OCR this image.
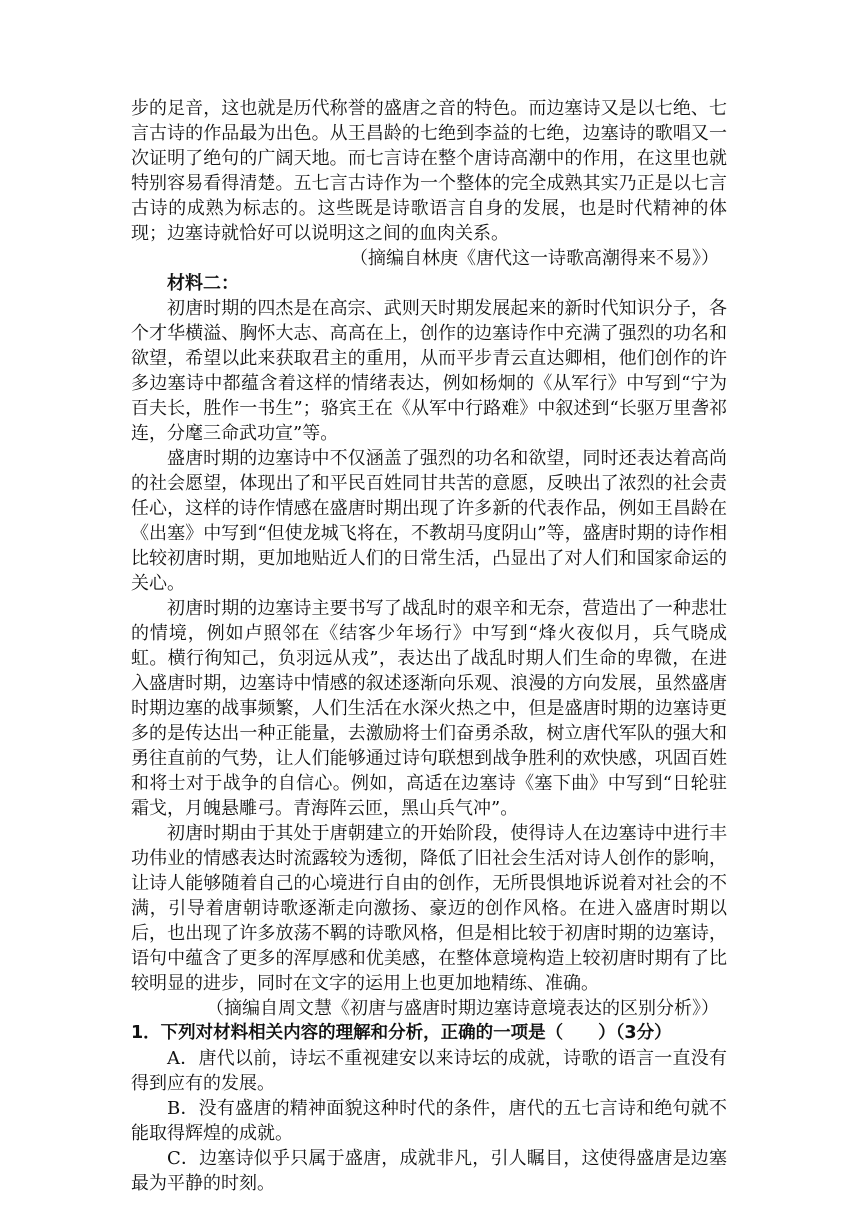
步的足音，这也就是历代称誉的盛唐之音的特色。而边塞诗又是以七绝、七言古诗的作品最为出色。从王昌龄的七绝到李益的七绝，边塞诗的歌唱又一次证明了绝句的广阔天地。而七言诗在整个唐诗高潮中的作用，在这里也就特别容易看得清楚。五七言古诗作为一个整体的完全成熟其实乃正是以七言古诗的成熟为标志的。这些既是诗歌语言自身的发展，也是时代精神的体现；边塞诗就恰好可以说明这之间的血肉关系。

（摘编自林庚《唐代这一诗歌高潮得来不易》）

材料二：

初唐时期的四杰是在高宗、武则天时期发展起来的新时代知识分子，各个才华横溢、胸怀大志、高高在上，创作的边塞诗作中充满了强烈的功名和欲望，希望以此来获取君主的重用，从而平步青云直达卿相，他们创作的许多边塞诗中都蕴含着这样的情绪表达，例如杨炯的《从军行》中写到“宁为百夫长，胜作一书生”；骆宾王在《从军中行路难》中叙述到“长驱万里詟祁连，分麾三命武功宣”等。

盛唐时期的边塞诗中不仅涵盖了强烈的功名和欲望，同时还表达着高尚的社会愿望，体现出了和平民百姓同甘共苦的意愿，反映出了浓烈的社会责任心，这样的诗作情感在盛唐时期出现了许多新的代表作品，例如王昌龄在《出塞》中写到“但使龙城飞将在，不教胡马度阴山”等，盛唐时期的诗作相比较初唐时期，更加地贴近人们的日常生活，凸显出了对人们和国家命运的关心。

初唐时期的边塞诗主要书写了战乱时的艰辛和无奈，营造出了一种悲壮的情境，例如卢照邻在《结客少年场行》中写到“烽火夜似月，兵气晓成虹。横行徇知己，负羽远从戎”，表达出了战乱时期人们生命的卑微，在进入盛唐时期，边塞诗中情感的叙述逐渐向乐观、浪漫的方向发展，虽然盛唐时期边塞的战事频繁，人们生活在水深火热之中，但是盛唐时期的边塞诗更多的是传达出一种正能量，去激励将士们奋勇杀敌，树立唐代军队的强大和勇往直前的气势，让人们能够通过诗句联想到战争胜利的欢快感，巩固百姓和将士对于战争的自信心。例如，高适在边塞诗《塞下曲》中写到“日轮驻霜戈，月魄悬雕弓。青海阵云匝，黑山兵气冲”。

初唐时期由于其处于唐朝建立的开始阶段，使得诗人在边塞诗中进行丰功伟业的情感表达时流露较为透彻，降低了旧社会生活对诗人创作的影响，让诗人能够随着自己的心境进行自由的创作，无所畏惧地诉说着对社会的不满，引导着唐朝诗歌逐渐走向激扬、豪迈的创作风格。在进入盛唐时期以后，也出现了许多放荡不羁的诗歌风格，但是相比较于初唐时期的边塞诗，语句中蕴含了更多的浑厚感和优美感，在整体意境构造上较初唐时期有了比较明显的进步，同时在文字的运用上也更加地精练、准确。

（摘编自周文慧《初唐与盛唐时期边塞诗意境表达的区别分析》）

1．下列对材料相关内容的理解和分析，正确的一项是（　　）（3分）

A．唐代以前，诗坛不重视建安以来诗坛的成就，诗歌的语言一直没有得到应有的发展。

B．没有盛唐的精神面貌这种时代的条件，唐代的五七言诗和绝句就不能取得辉煌的成就。

C．边塞诗似乎只属于盛唐，成就非凡，引人瞩目，这使得盛唐是边塞最为平静的时刻。
